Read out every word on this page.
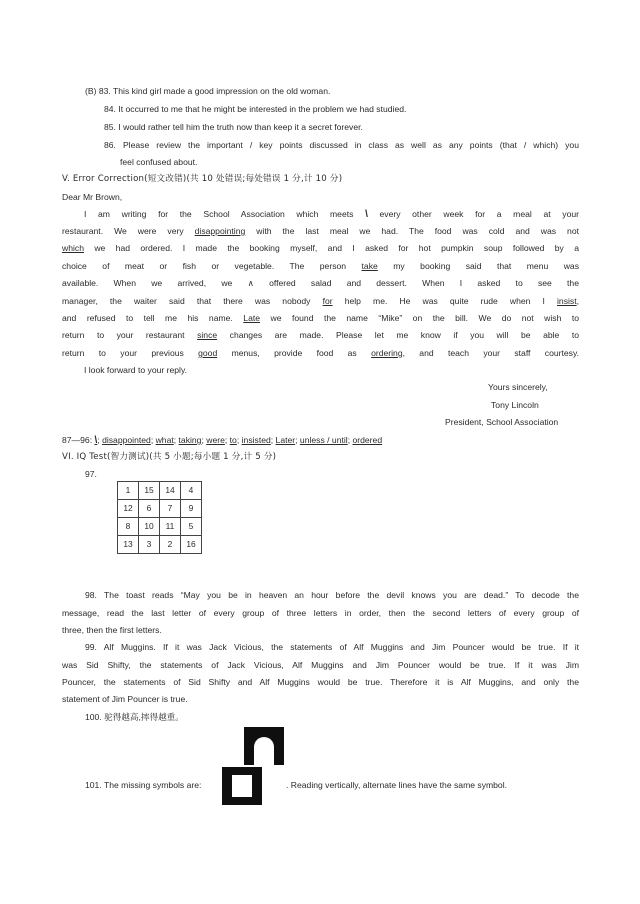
(B) 83. This kind girl made a good impression on the old woman.
84. It occurred to me that he might be interested in the problem we had studied.
85. I would rather tell him the truth now than keep it a secret forever.
86. Please review the important / key points discussed in class as well as any points (that / which) you
feel confused about.
V. Error Correction(短文改错)(共 10 处错误;每处错误 1 分,计 10 分)
Dear Mr Brown,
I am writing for the School Association which meets \ every other week for a meal at your
restaurant. We were very disappointing with the last meal we had. The food was cold and was not
which we had ordered. I made the booking myself, and I asked for hot pumpkin soup followed by a
choice of meat or fish or vegetable. The person take my booking said that menu was
available. When we arrived, we ∧ offered salad and dessert. When I asked to see the
manager, the waiter said that there was nobody for help me. He was quite rude when I insist,
and refused to tell me his name. Late we found the name “Mike” on the bill. We do not wish to
return to your restaurant since changes are made. Please let me know if you will be able to
return to your previous good menus, provide food as ordering, and teach your staff courtesy.
I look forward to your reply.
Yours sincerely,
Tony Lincoln
President, School Association
87—96: \; disappointed; what; taking; were; to; insisted; Later; unless / until; ordered
VI. IQ Test(智力测试)(共 5 小题;每小题 1 分,计 5 分)
97.
1	15	14	4
12	6	7	9
8	10	11	5
13	3	2	16
98. The toast reads “May you be in heaven an hour before the devil knows you are dead.” To decode the
message, read the last letter of every group of three letters in order, then the second letters of every group of
three, then the first letters.
99. Alf Muggins. If it was Jack Vicious, the statements of Alf Muggins and Jim Pouncer would be true. If it
was Sid Shifty, the statements of Jack Vicious, Alf Muggins and Jim Pouncer would be true. If it was Jim
Pouncer, the statements of Sid Shifty and Alf Muggins would be true. Therefore it is Alf Muggins, and only the
statement of Jim Pouncer is true.
100. 驼得越高,摔得越重。
101. The missing symbols are:	. Reading vertically, alternate lines have the same symbol.
